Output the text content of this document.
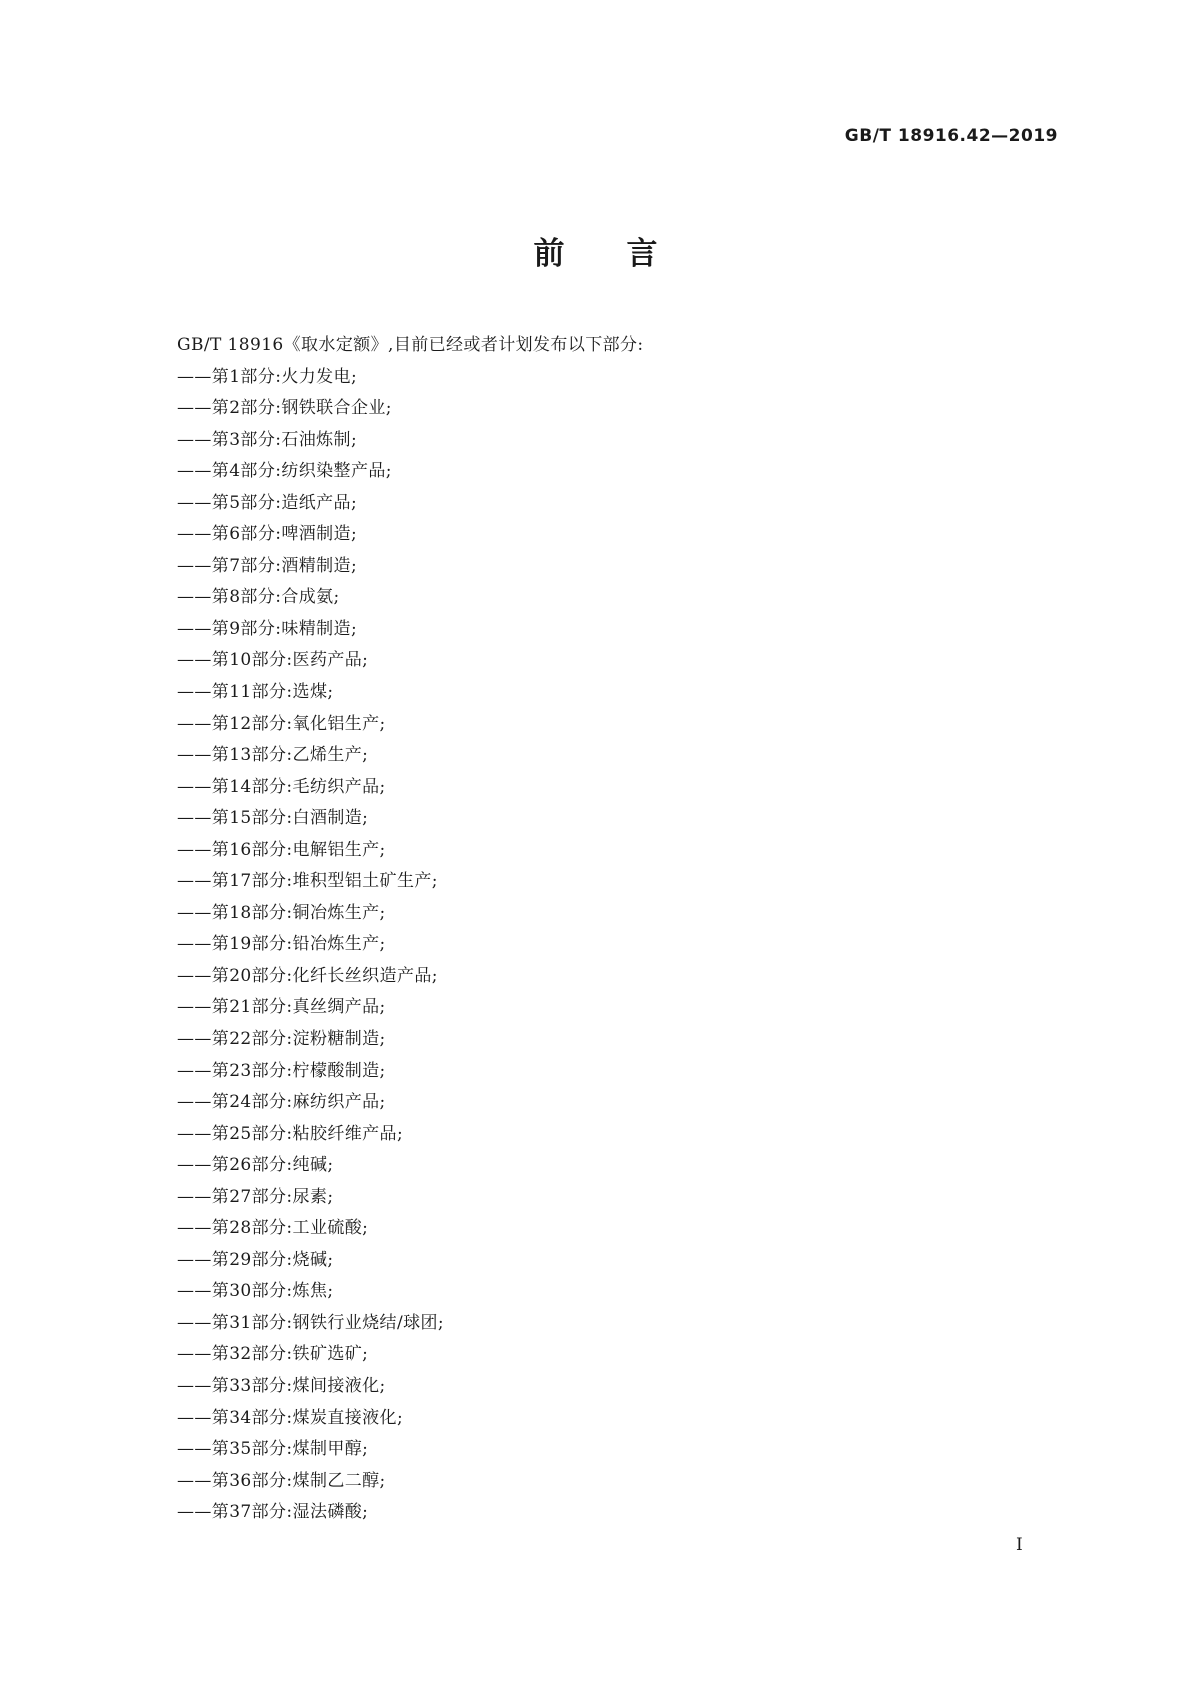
GB/T 18916.42—2019
前言
GB/T 18916《取水定额》,目前已经或者计划发布以下部分:
——第1部分:火力发电;
——第2部分:钢铁联合企业;
——第3部分:石油炼制;
——第4部分:纺织染整产品;
——第5部分:造纸产品;
——第6部分:啤酒制造;
——第7部分:酒精制造;
——第8部分:合成氨;
——第9部分:味精制造;
——第10部分:医药产品;
——第11部分:选煤;
——第12部分:氧化铝生产;
——第13部分:乙烯生产;
——第14部分:毛纺织产品;
——第15部分:白酒制造;
——第16部分:电解铝生产;
——第17部分:堆积型铝土矿生产;
——第18部分:铜冶炼生产;
——第19部分:铅冶炼生产;
——第20部分:化纤长丝织造产品;
——第21部分:真丝绸产品;
——第22部分:淀粉糖制造;
——第23部分:柠檬酸制造;
——第24部分:麻纺织产品;
——第25部分:粘胶纤维产品;
——第26部分:纯碱;
——第27部分:尿素;
——第28部分:工业硫酸;
——第29部分:烧碱;
——第30部分:炼焦;
——第31部分:钢铁行业烧结/球团;
——第32部分:铁矿选矿;
——第33部分:煤间接液化;
——第34部分:煤炭直接液化;
——第35部分:煤制甲醇;
——第36部分:煤制乙二醇;
——第37部分:湿法磷酸;
I
